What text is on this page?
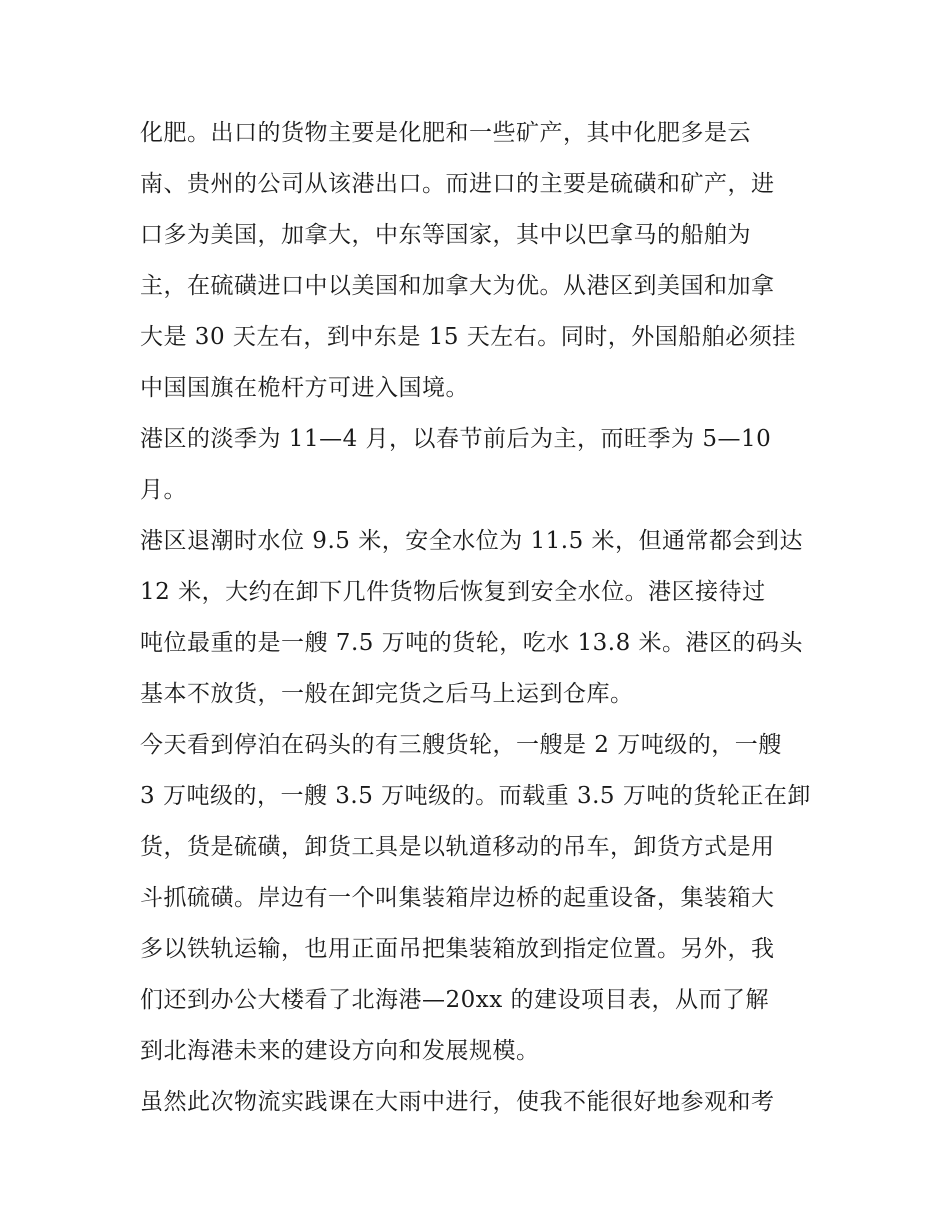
化肥。出口的货物主要是化肥和一些矿产，其中化肥多是云
南、贵州的公司从该港出口。而进口的主要是硫磺和矿产，进
口多为美国，加拿大，中东等国家，其中以巴拿马的船舶为
主，在硫磺进口中以美国和加拿大为优。从港区到美国和加拿
大是 30 天左右，到中东是 15 天左右。同时，外国船舶必须挂
中国国旗在桅杆方可进入国境。
港区的淡季为 11—4 月，以春节前后为主，而旺季为 5—10
月。
港区退潮时水位 9.5 米，安全水位为 11.5 米，但通常都会到达
12 米，大约在卸下几件货物后恢复到安全水位。港区接待过
吨位最重的是一艘 7.5 万吨的货轮，吃水 13.8 米。港区的码头
基本不放货，一般在卸完货之后马上运到仓库。
今天看到停泊在码头的有三艘货轮，一艘是 2 万吨级的，一艘
3 万吨级的，一艘 3.5 万吨级的。而载重 3.5 万吨的货轮正在卸
货，货是硫磺，卸货工具是以轨道移动的吊车，卸货方式是用
斗抓硫磺。岸边有一个叫集装箱岸边桥的起重设备，集装箱大
多以铁轨运输，也用正面吊把集装箱放到指定位置。另外，我
们还到办公大楼看了北海港—20xx 的建设项目表，从而了解
到北海港未来的建设方向和发展规模。
虽然此次物流实践课在大雨中进行，使我不能很好地参观和考
